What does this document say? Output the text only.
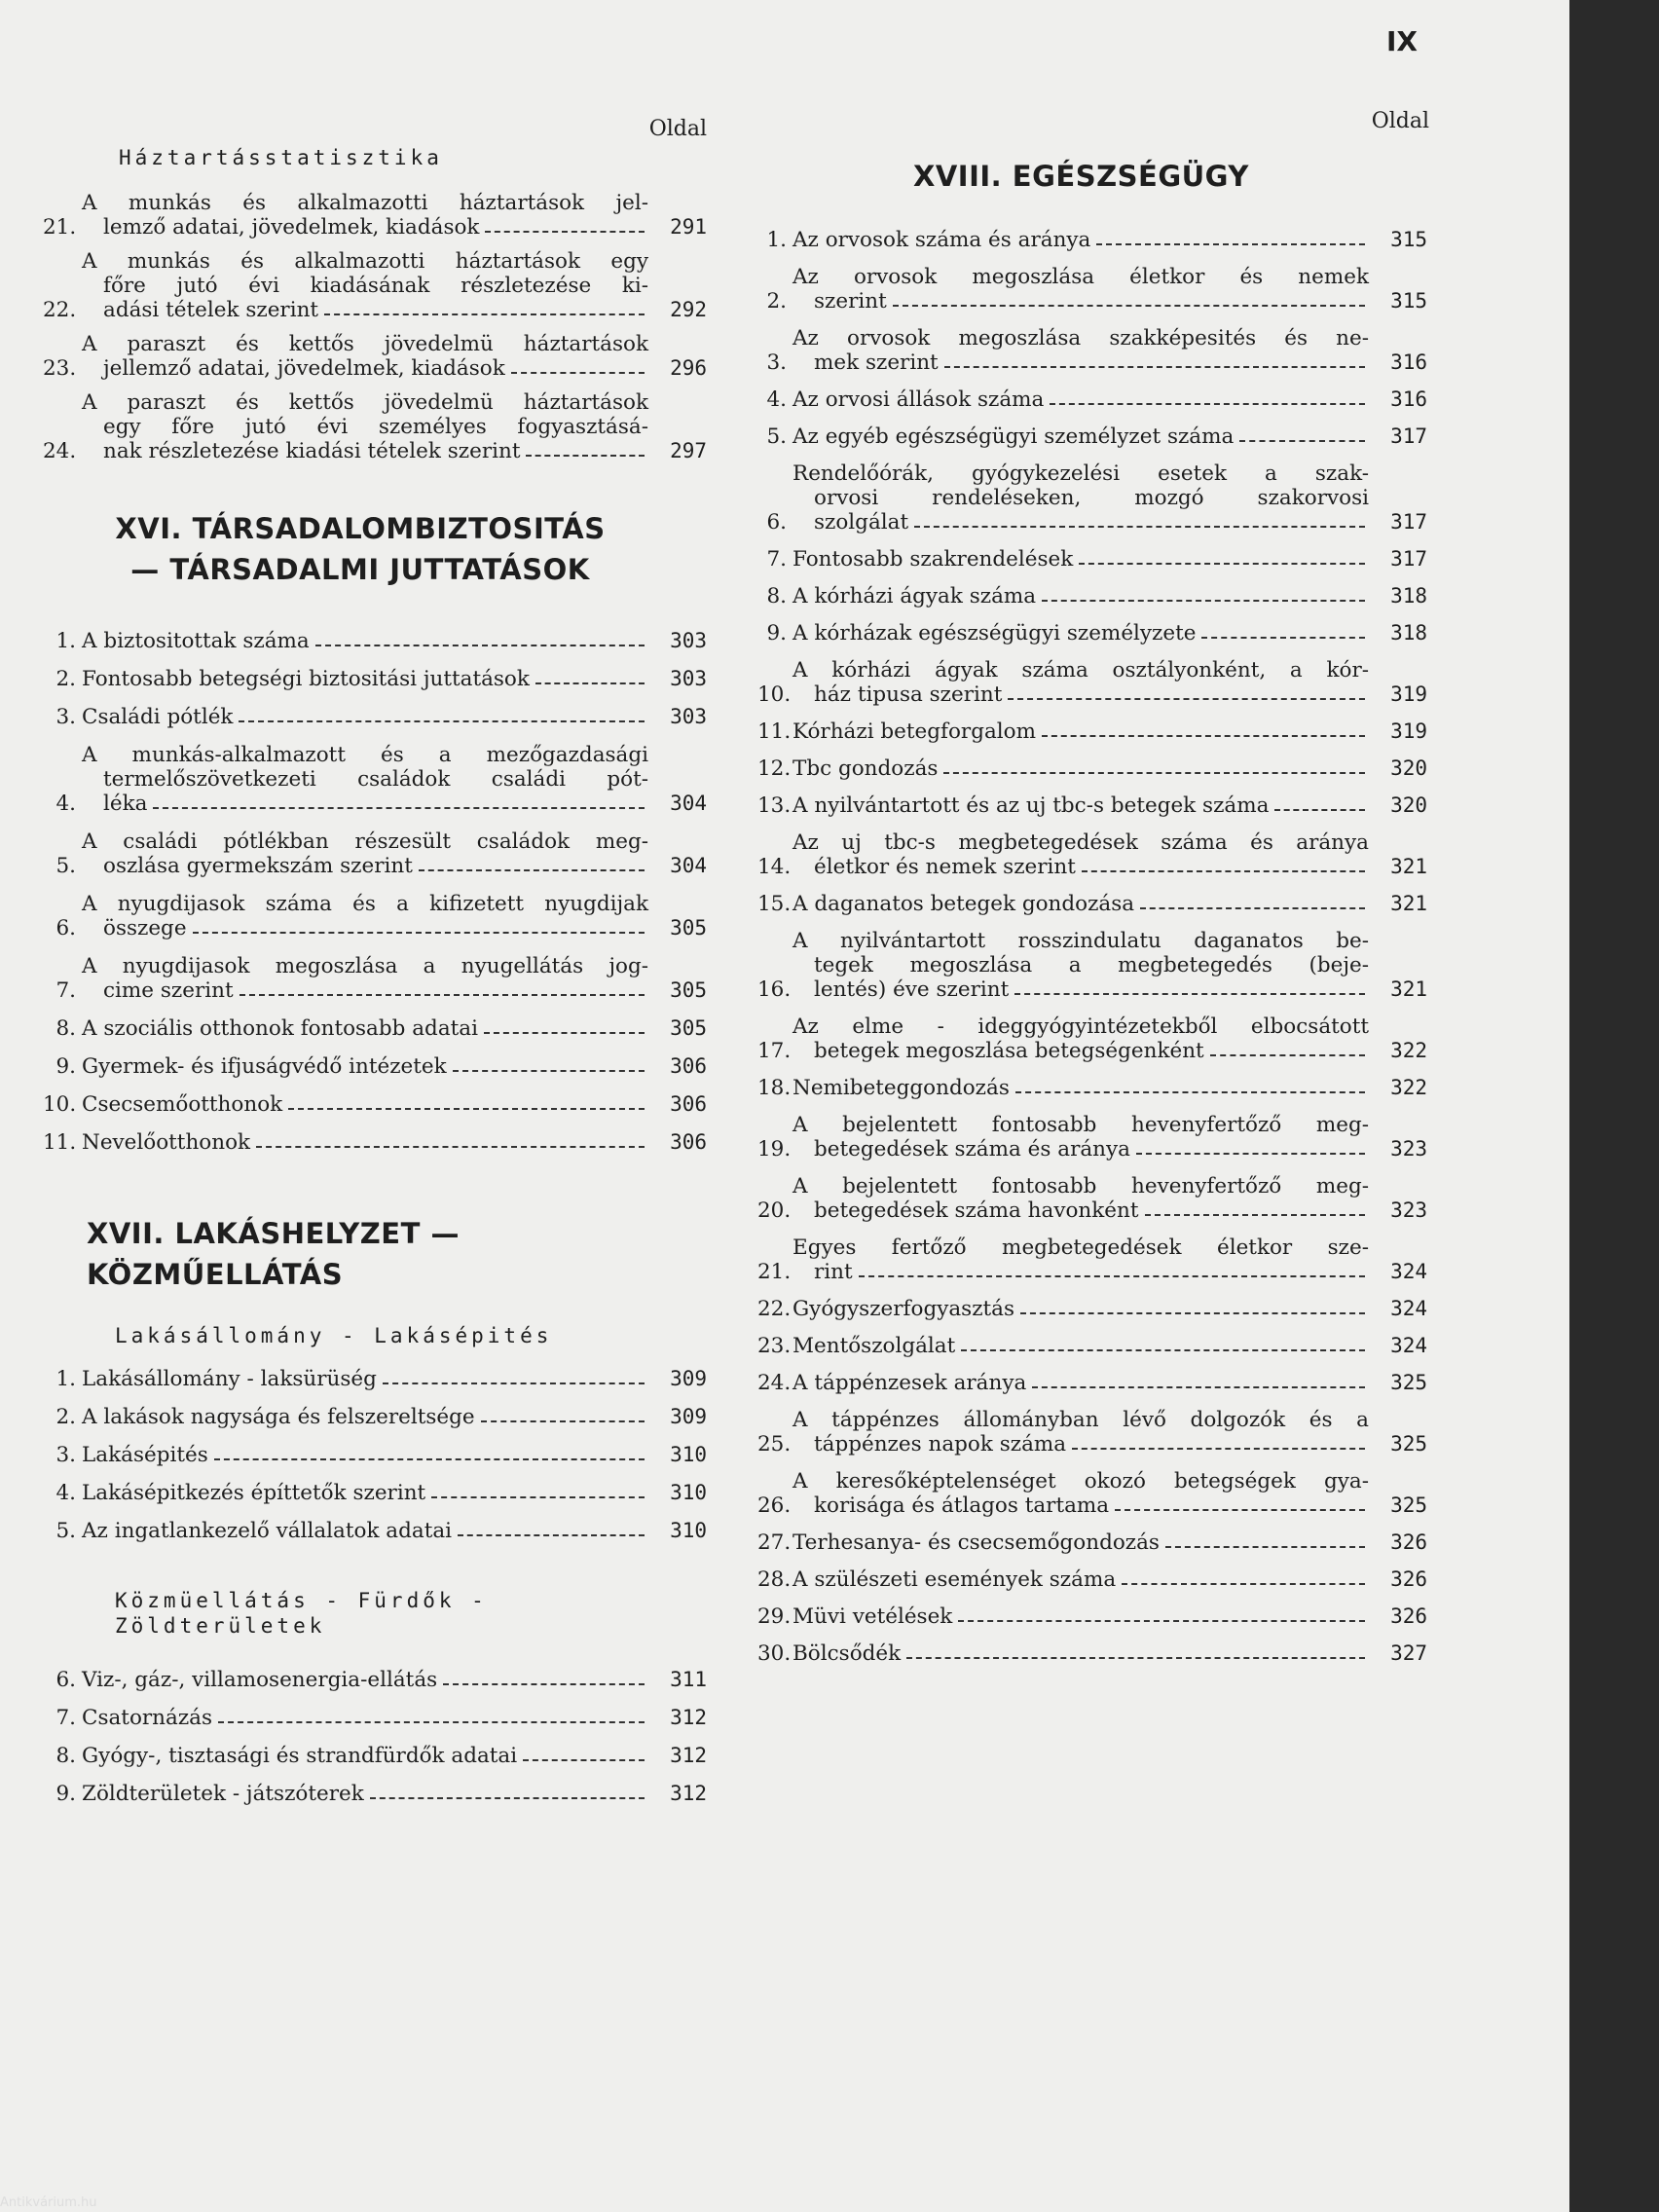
IX
Oldal
Háztartásstatisztika
21.
A munkás és alkalmazotti háztartások jel-
lemző adatai, jövedelmek, kiadások	291
22.
A munkás és alkalmazotti háztartások egy
főre jutó évi kiadásának részletezése ki-
adási tételek szerint	292
23.
A paraszt és kettős jövedelmü háztartások
jellemző adatai, jövedelmek, kiadások	296
24.
A paraszt és kettős jövedelmü háztartások
egy főre jutó évi személyes fogyasztásá-
nak részletezése kiadási tételek szerint	297
XVI. TÁRSADALOMBIZTOSITÁS
— TÁRSADALMI JUTTATÁSOK
1. A biztositottak száma	303
2. Fontosabb betegségi biztositási juttatások	303
3. Családi pótlék	303
4.
A munkás-alkalmazott és a mezőgazdasági
termelőszövetkezeti családok családi pót-
léka	304
5.
A családi pótlékban részesült családok meg-
oszlása gyermekszám szerint	304
6.
A nyugdijasok száma és a kifizetett nyugdijak
összege	305
7.
A nyugdijasok megoszlása a nyugellátás jog-
cime szerint	305
8. A szociális otthonok fontosabb adatai	305
9. Gyermek- és ifjuságvédő intézetek	306
10. Csecsemőotthonok	306
11. Nevelőotthonok	306
XVII. LAKÁSHELYZET — KÖZMŰELLÁTÁS
Lakásállomány - Lakásépités
1. Lakásállomány - laksürüség	309
2. A lakások nagysága és felszereltsége	309
3. Lakásépités	310
4. Lakásépitkezés építtetők szerint	310
5. Az ingatlankezelő vállalatok adatai	310
Közmüellátás - Fürdők -
Zöldterületek
6. Viz-, gáz-, villamosenergia-ellátás	311
7. Csatornázás	312
8. Gyógy-, tisztasági és strandfürdők adatai	312
9. Zöldterületek - játszóterek	312
Oldal
XVIII. EGÉSZSÉGÜGY
1. Az orvosok száma és aránya	315
2.
Az orvosok megoszlása életkor és nemek
szerint	315
3.
Az orvosok megoszlása szakképesités és ne-
mek szerint	316
4. Az orvosi állások száma	316
5. Az egyéb egészségügyi személyzet száma	317
6.
Rendelőórák, gyógykezelési esetek a szak-
orvosi rendeléseken, mozgó szakorvosi
szolgálat	317
7. Fontosabb szakrendelések	317
8. A kórházi ágyak száma	318
9. A kórházak egészségügyi személyzete	318
10.
A kórházi ágyak száma osztályonként, a kór-
ház tipusa szerint	319
11. Kórházi betegforgalom	319
12. Tbc gondozás	320
13. A nyilvántartott és az uj tbc-s betegek száma	320
14.
Az uj tbc-s megbetegedések száma és aránya
életkor és nemek szerint	321
15. A daganatos betegek gondozása	321
16.
A nyilvántartott rosszindulatu daganatos be-
tegek megoszlása a megbetegedés (beje-
lentés) éve szerint	321
17.
Az elme - ideggyógyintézetekből elbocsátott
betegek megoszlása betegségenként	322
18. Nemibeteggondozás	322
19.
A bejelentett fontosabb hevenyfertőző meg-
betegedések száma és aránya	323
20.
A bejelentett fontosabb hevenyfertőző meg-
betegedések száma havonként	323
21.
Egyes fertőző megbetegedések életkor sze-
rint	324
22. Gyógyszerfogyasztás	324
23. Mentőszolgálat	324
24. A táppénzesek aránya	325
25.
A táppénzes állományban lévő dolgozók és a
táppénzes napok száma	325
26.
A keresőképtelenséget okozó betegségek gya-
korisága és átlagos tartama	325
27. Terhesanya- és csecsemőgondozás	326
28. A szülészeti események száma	326
29. Müvi vetélések	326
30. Bölcsődék	327
Antikvárium.hu
